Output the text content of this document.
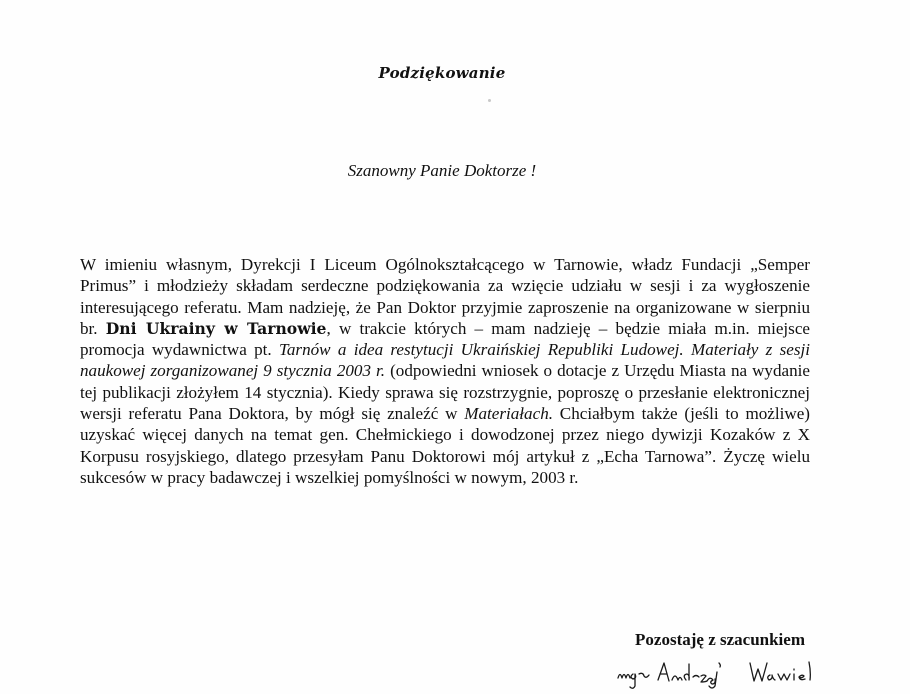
Podziękowanie
Szanowny Panie Doktorze !

W imieniu własnym, Dyrekcji I Liceum Ogólnokształcącego w Tarnowie, władz Fundacji „Semper Primus” i młodzieży składam serdeczne podziękowania za wzięcie udziału w sesji i za wygłoszenie interesującego referatu. Mam nadzieję, że Pan Doktor przyjmie zaproszenie na organizowane w sierpniu br. Dni Ukrainy w Tarnowie, w trakcie których – mam nadzieję – będzie miała m.in. miejsce promocja wydawnictwa pt. Tarnów a idea restytucji Ukraińskiej Republiki Ludowej. Materiały z sesji naukowej zorganizowanej 9 stycznia 2003 r. (odpowiedni wniosek o dotacje z Urzędu Miasta na wydanie tej publikacji złożyłem 14 stycznia). Kiedy sprawa się rozstrzygnie, poproszę o przesłanie elektronicznej wersji referatu Pana Doktora, by mógł się znaleźć w Materiałach. Chciałbym także (jeśli to możliwe) uzyskać więcej danych na temat gen. Chełmickiego i dowodzonej przez niego dywizji Kozaków z X Korpusu rosyjskiego, dlatego przesyłam Panu Doktorowi mój artykuł z „Echa Tarnowa”. Życzę wielu sukcesów w pracy badawczej i wszelkiej pomyślności w nowym, 2003 r.

Pozostaję z szacunkiem
